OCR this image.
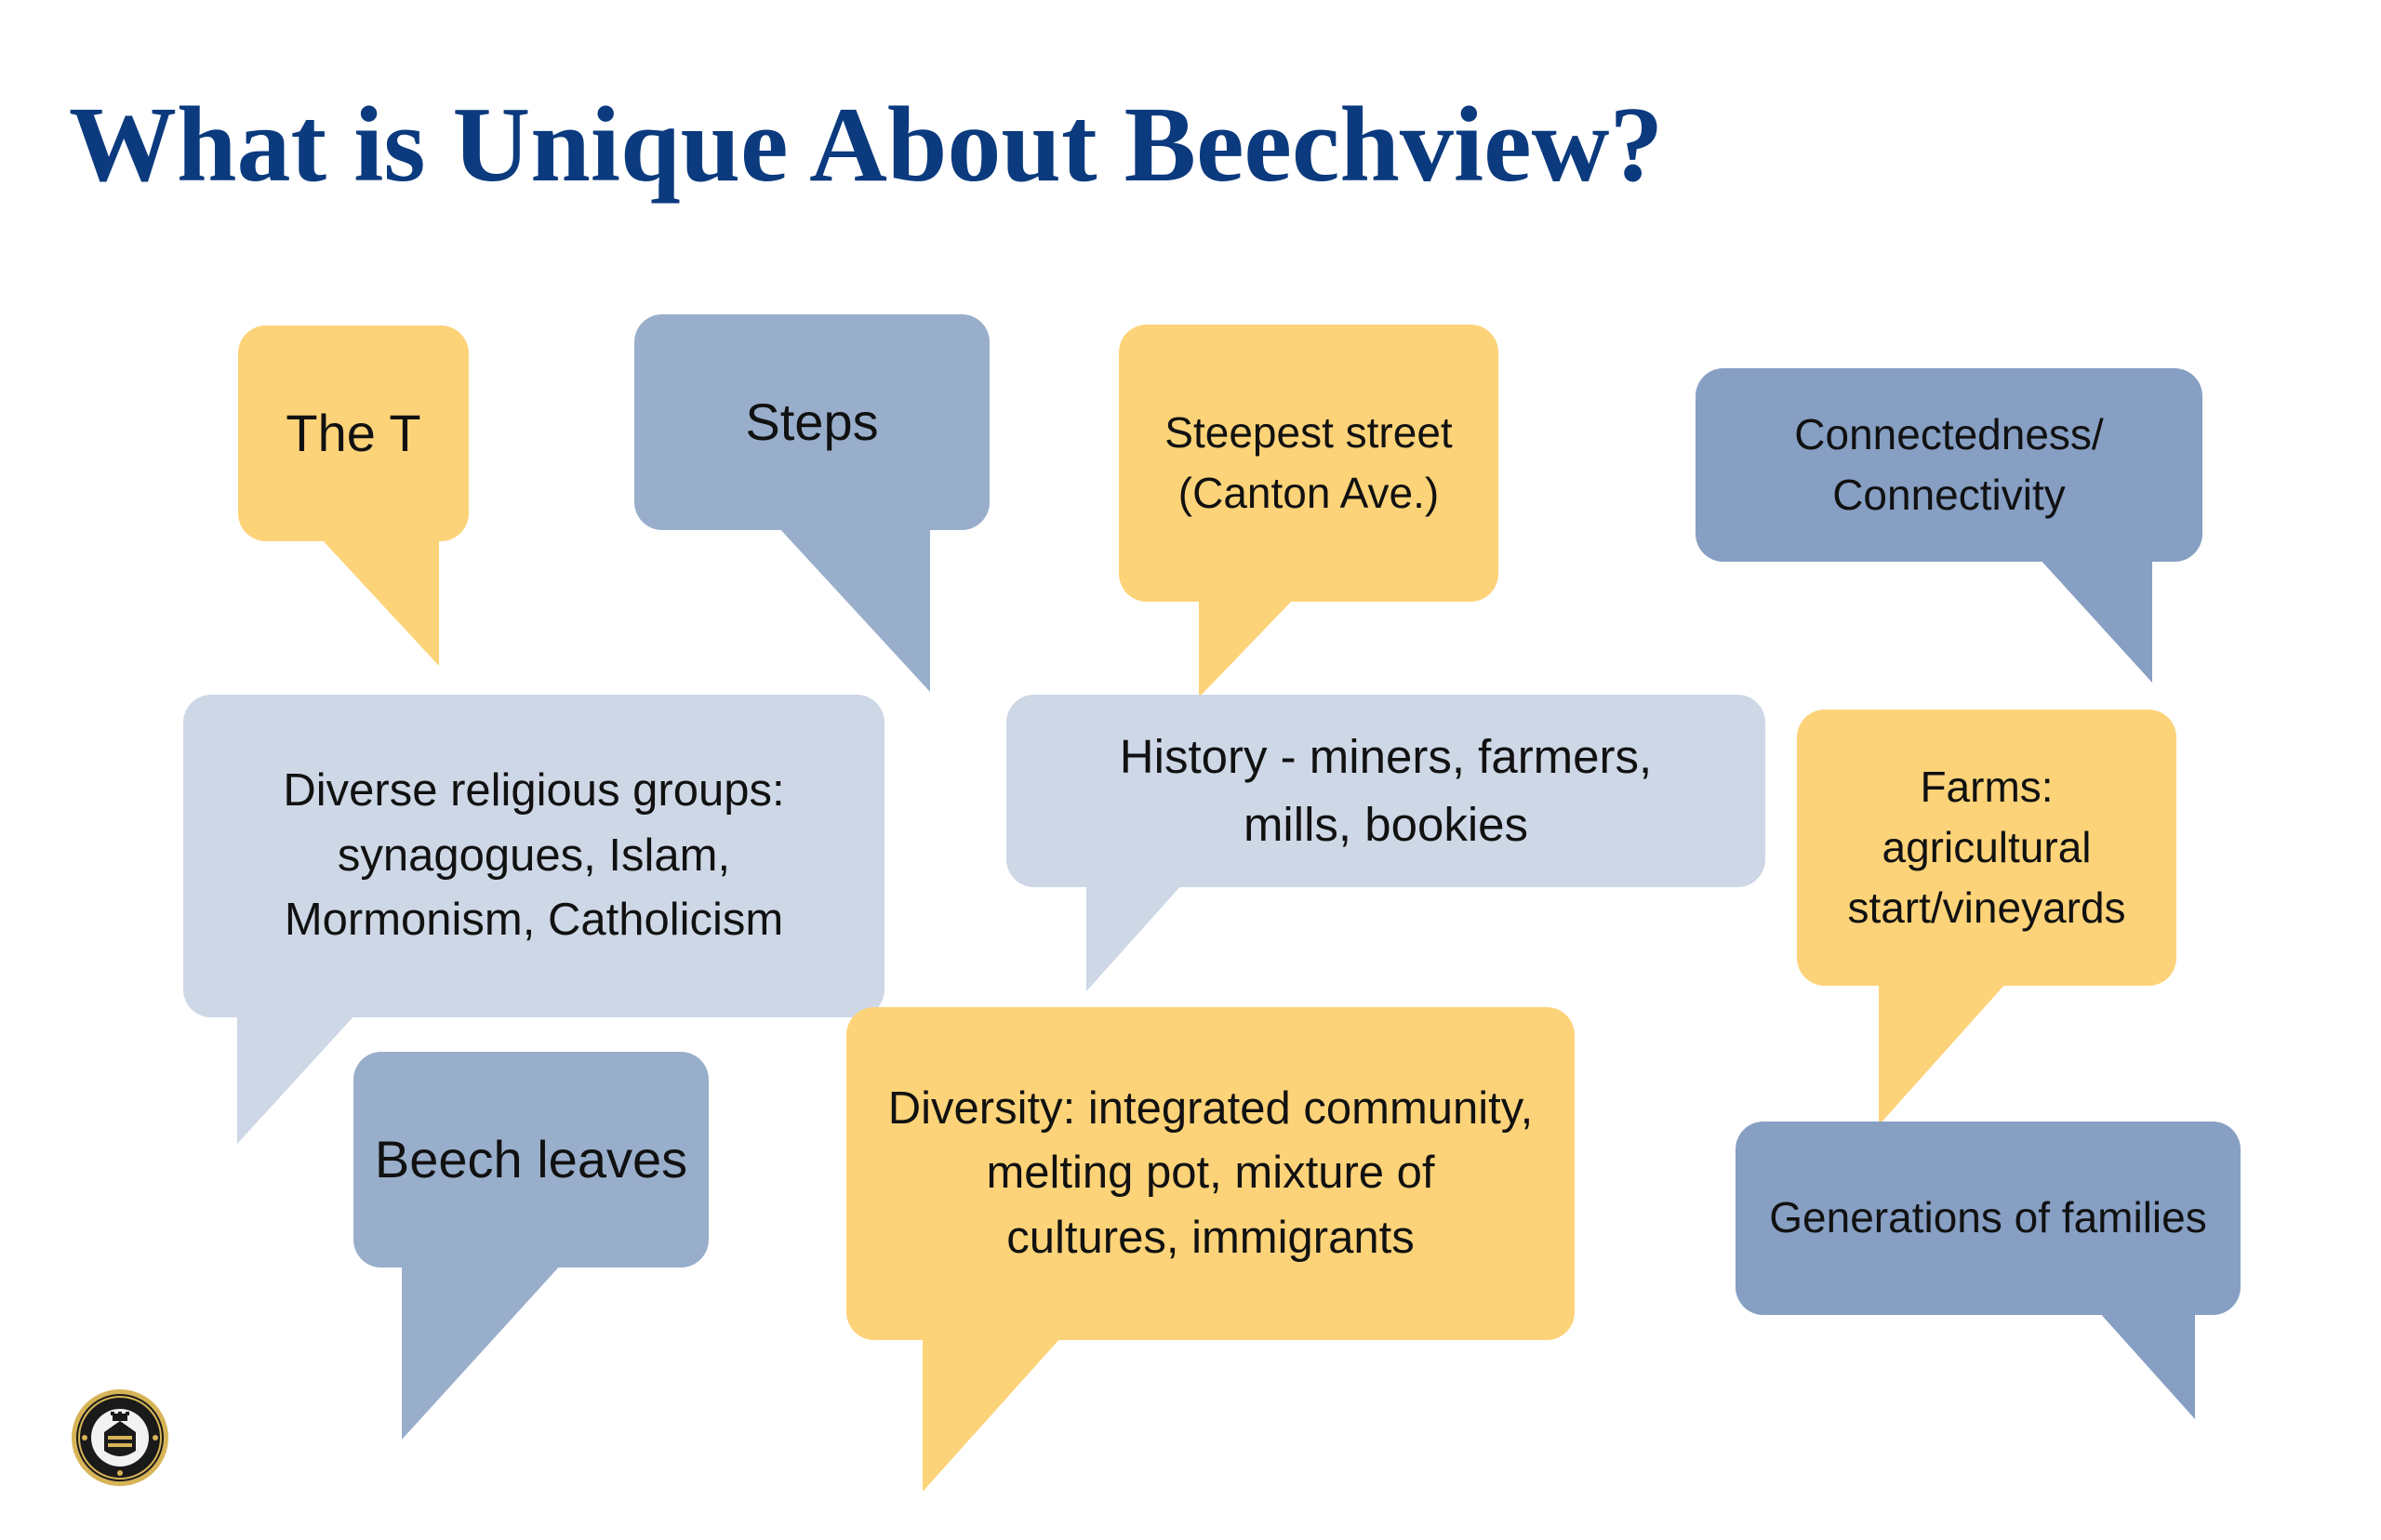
What is Unique About Beechview?
The T	Steps	Steepest street
(Canton Ave.)
Connectedness/
Connectivity
Diverse religious groups:
synagogues, Islam,
Mormonism, Catholicism
History - miners, farmers,
mills, bookies
Farms:
agricultural
start/vineyards
Beech leaves
Diversity: integrated community,
melting pot, mixture of
cultures, immigrants	Generations of families
